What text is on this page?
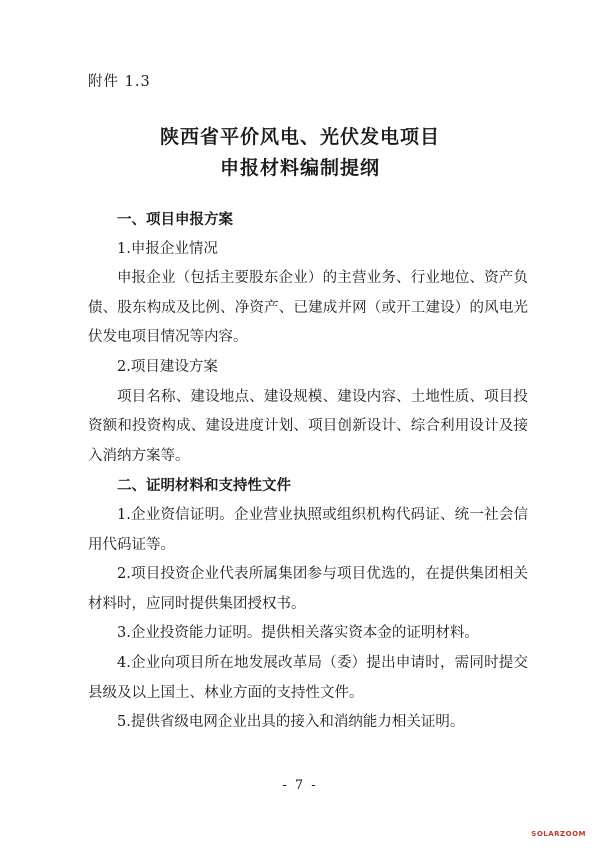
附件 1.3
陕西省平价风电、光伏发电项目
申报材料编制提纲

一、项目申报方案

1.申报企业情况

申报企业（包括主要股东企业）的主营业务、行业地位、资产负债、股东构成及比例、净资产、已建成并网（或开工建设）的风电光伏发电项目情况等内容。

2.项目建设方案

项目名称、建设地点、建设规模、建设内容、土地性质、项目投资额和投资构成、建设进度计划、项目创新设计、综合利用设计及接入消纳方案等。

二、证明材料和支持性文件

1.企业资信证明。企业营业执照或组织机构代码证、统一社会信用代码证等。

2.项目投资企业代表所属集团参与项目优选的，在提供集团相关材料时，应同时提供集团授权书。

3.企业投资能力证明。提供相关落实资本金的证明材料。

4.企业向项目所在地发展改革局（委）提出申请时，需同时提交县级及以上国土、林业方面的支持性文件。

5.提供省级电网企业出具的接入和消纳能力相关证明。

- 7 -
SOLARZOOM
